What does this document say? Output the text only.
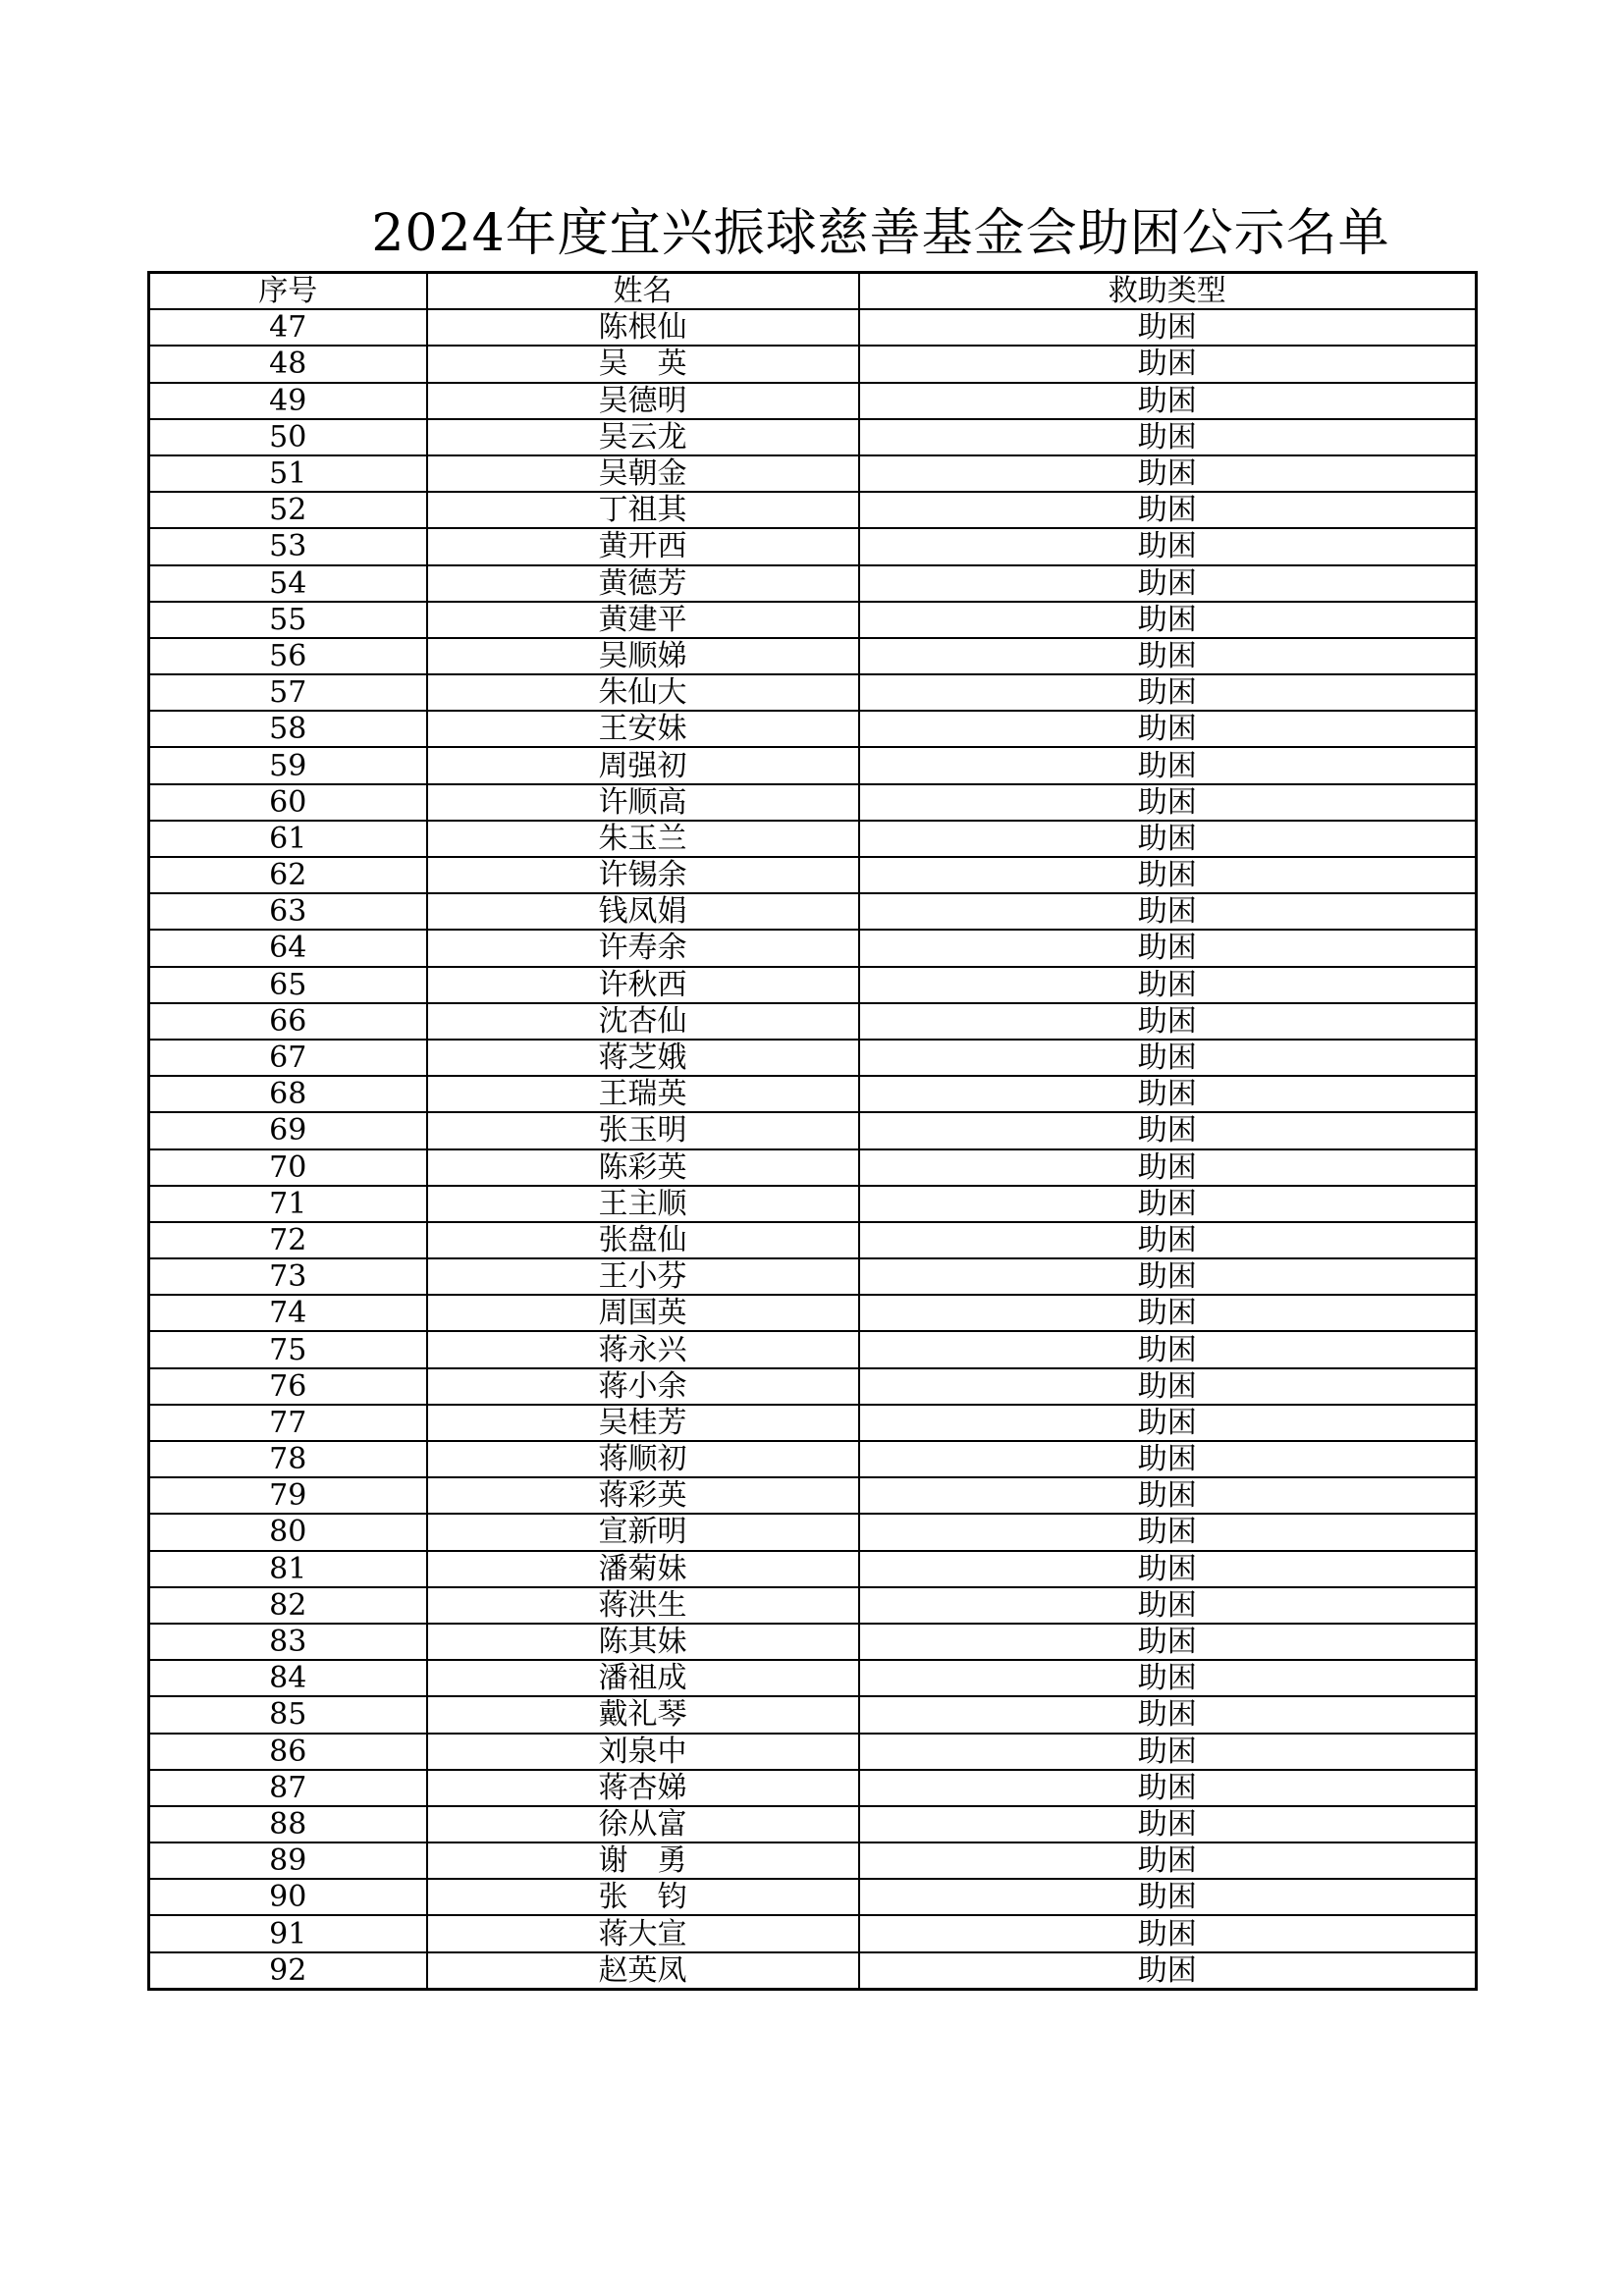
2024年度宜兴振球慈善基金会助困公示名单
序号	姓名	救助类型
47	陈根仙	助困
48	吴　英	助困
49	吴德明	助困
50	吴云龙	助困
51	吴朝金	助困
52	丁祖其	助困
53	黄开西	助困
54	黄德芳	助困
55	黄建平	助困
56	吴顺娣	助困
57	朱仙大	助困
58	王安妹	助困
59	周强初	助困
60	许顺高	助困
61	朱玉兰	助困
62	许锡余	助困
63	钱凤娟	助困
64	许寿余	助困
65	许秋西	助困
66	沈杏仙	助困
67	蒋芝娥	助困
68	王瑞英	助困
69	张玉明	助困
70	陈彩英	助困
71	王主顺	助困
72	张盘仙	助困
73	王小芬	助困
74	周国英	助困
75	蒋永兴	助困
76	蒋小余	助困
77	吴桂芳	助困
78	蒋顺初	助困
79	蒋彩英	助困
80	宣新明	助困
81	潘菊妹	助困
82	蒋洪生	助困
83	陈其妹	助困
84	潘祖成	助困
85	戴礼琴	助困
86	刘泉中	助困
87	蒋杏娣	助困
88	徐从富	助困
89	谢　勇	助困
90	张　钧	助困
91	蒋大宣	助困
92	赵英凤	助困
